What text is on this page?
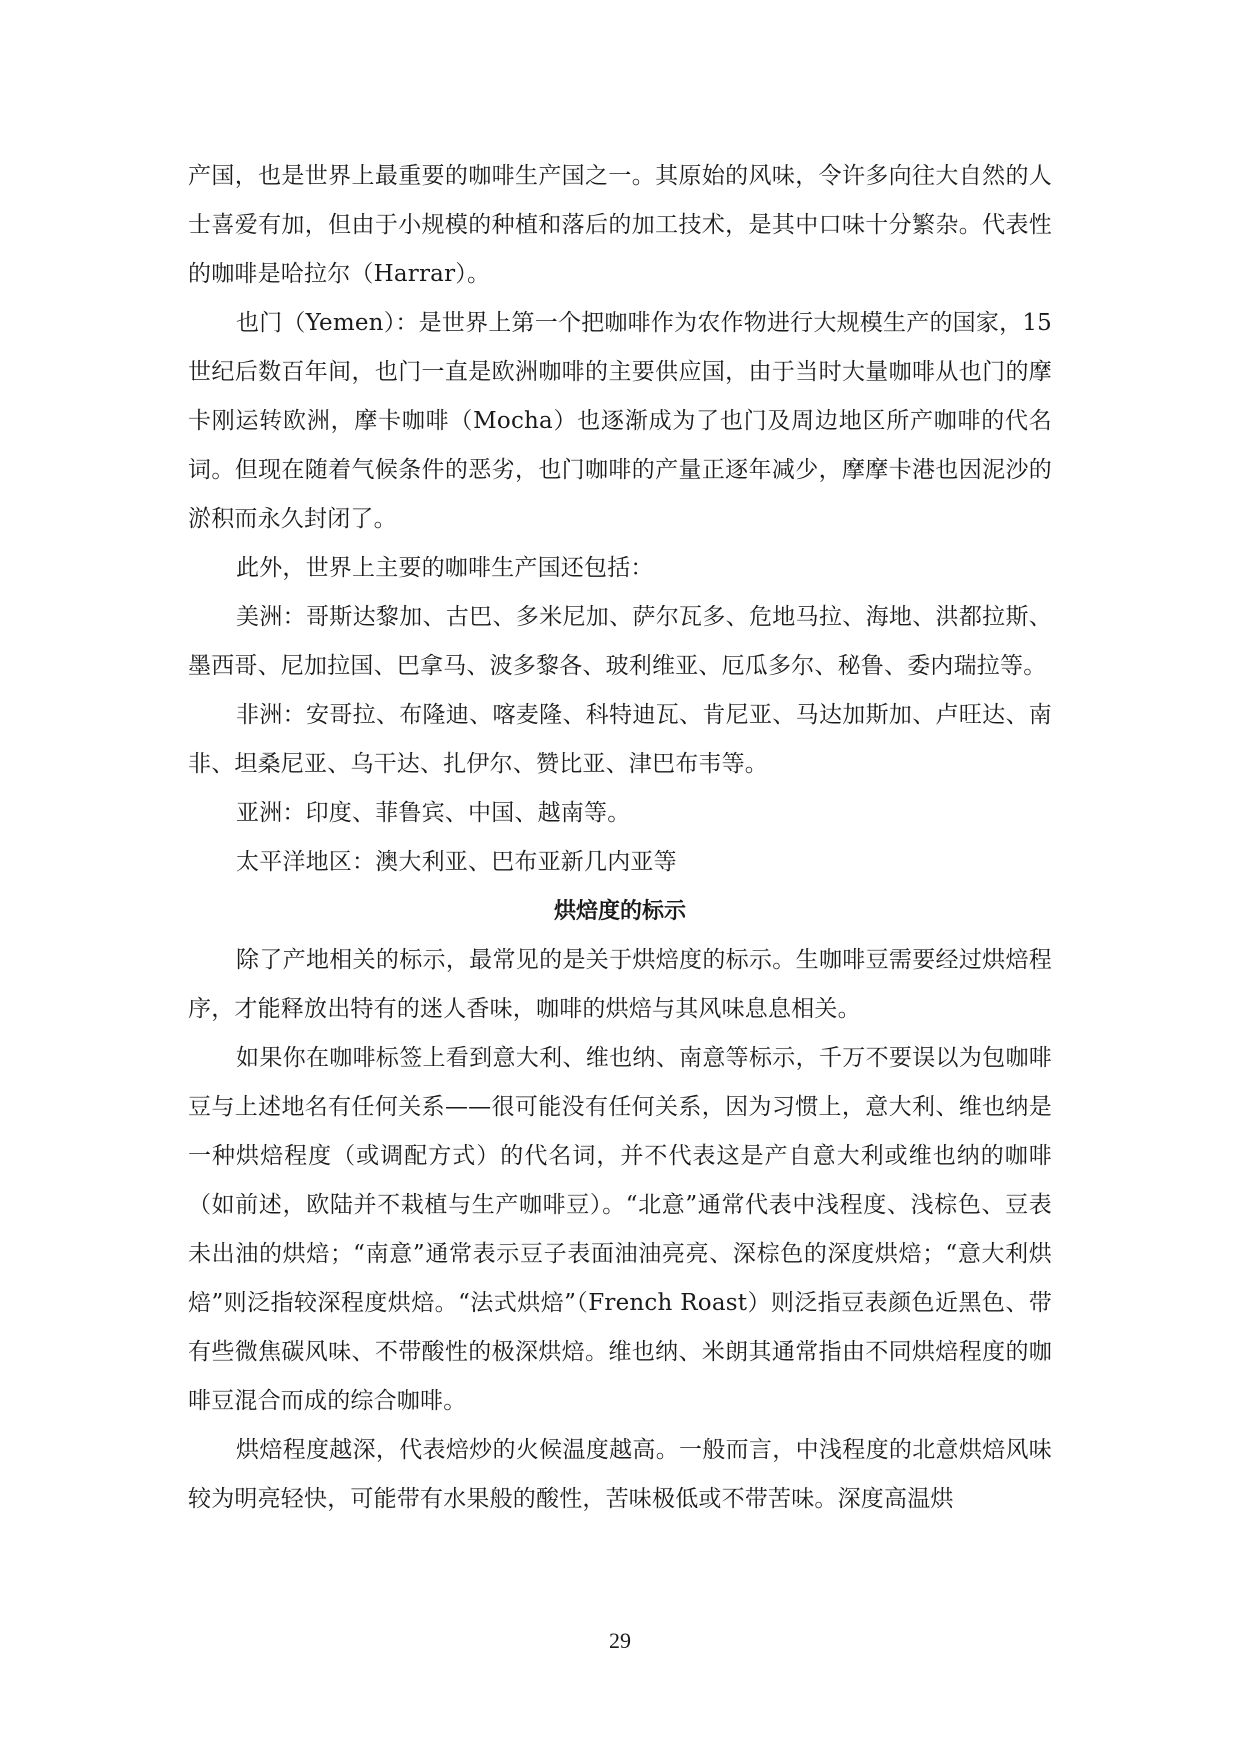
产国，也是世界上最重要的咖啡生产国之一。其原始的风味，令许多向往大自然的人士喜爱有加，但由于小规模的种植和落后的加工技术，是其中口味十分繁杂。代表性的咖啡是哈拉尔（Harrar）。

也门（Yemen）：是世界上第一个把咖啡作为农作物进行大规模生产的国家，15世纪后数百年间，也门一直是欧洲咖啡的主要供应国，由于当时大量咖啡从也门的摩卡刚运转欧洲，摩卡咖啡（Mocha）也逐渐成为了也门及周边地区所产咖啡的代名词。但现在随着气候条件的恶劣，也门咖啡的产量正逐年减少，摩摩卡港也因泥沙的淤积而永久封闭了。

此外，世界上主要的咖啡生产国还包括：

美洲：哥斯达黎加、古巴、多米尼加、萨尔瓦多、危地马拉、海地、洪都拉斯、墨西哥、尼加拉国、巴拿马、波多黎各、玻利维亚、厄瓜多尔、秘鲁、委内瑞拉等。

非洲：安哥拉、布隆迪、喀麦隆、科特迪瓦、肯尼亚、马达加斯加、卢旺达、南非、坦桑尼亚、乌干达、扎伊尔、赞比亚、津巴布韦等。

亚洲：印度、菲鲁宾、中国、越南等。

太平洋地区：澳大利亚、巴布亚新几内亚等

烘焙度的标示

除了产地相关的标示，最常见的是关于烘焙度的标示。生咖啡豆需要经过烘焙程序，才能释放出特有的迷人香味，咖啡的烘焙与其风味息息相关。

如果你在咖啡标签上看到意大利、维也纳、南意等标示，千万不要误以为包咖啡豆与上述地名有任何关系——很可能没有任何关系，因为习惯上，意大利、维也纳是一种烘焙程度（或调配方式）的代名词，并不代表这是产自意大利或维也纳的咖啡（如前述，欧陆并不栽植与生产咖啡豆）。“北意”通常代表中浅程度、浅棕色、豆表未出油的烘焙；“南意”通常表示豆子表面油油亮亮、深棕色的深度烘焙；“意大利烘焙”则泛指较深程度烘焙。“法式烘焙”（French Roast）则泛指豆表颜色近黑色、带有些微焦碳风味、不带酸性的极深烘焙。维也纳、米朗其通常指由不同烘焙程度的咖啡豆混合而成的综合咖啡。

烘焙程度越深，代表焙炒的火候温度越高。一般而言，中浅程度的北意烘焙风味较为明亮轻快，可能带有水果般的酸性，苦味极低或不带苦味。深度高温烘

29
